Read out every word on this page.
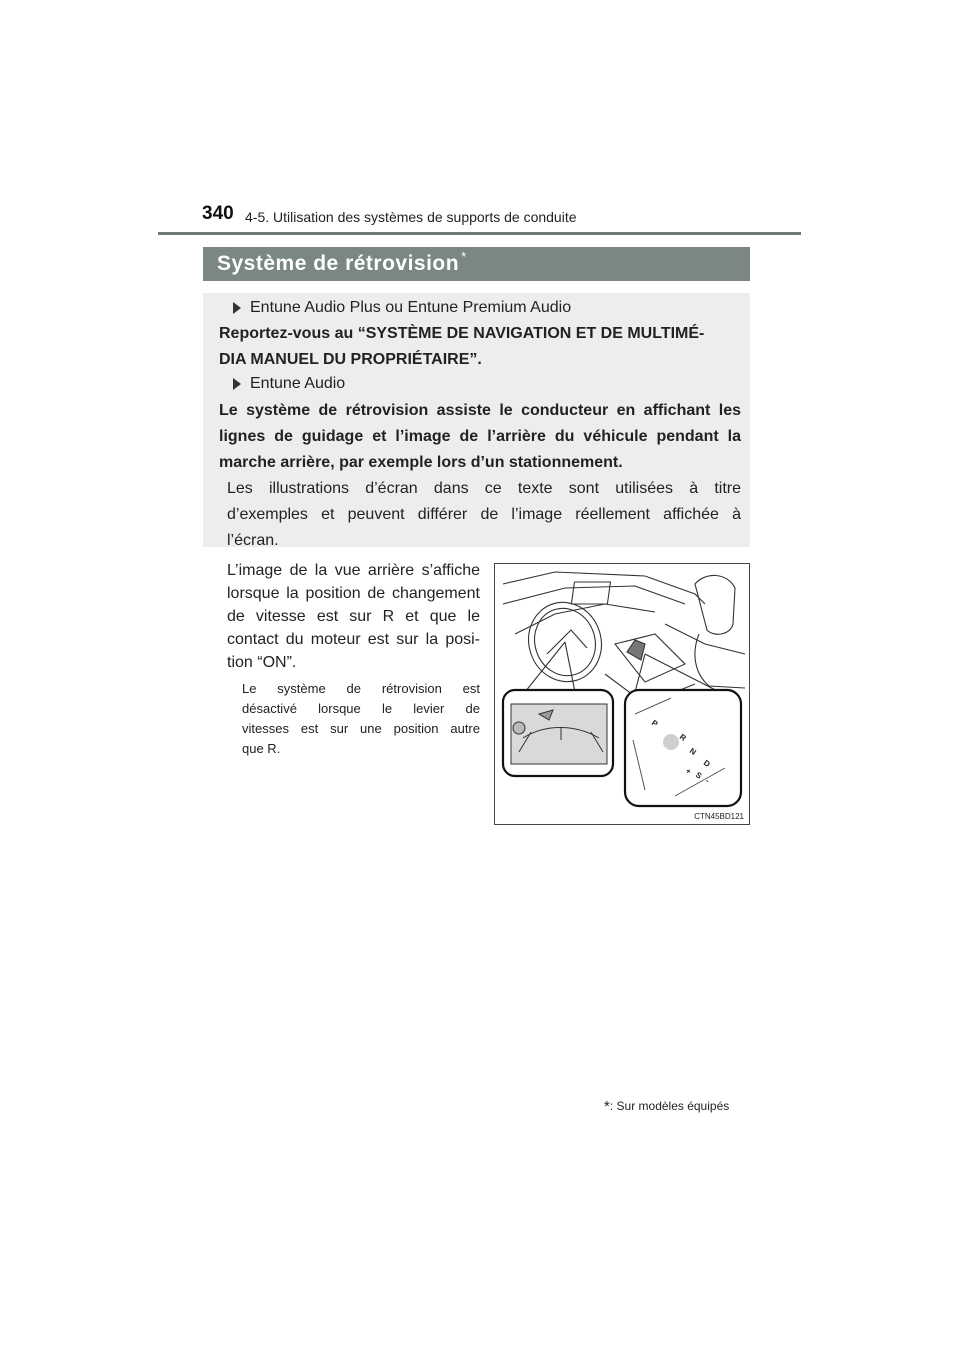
340 4-5. Utilisation des systèmes de supports de conduite
Système de rétrovision *
Entune Audio Plus ou Entune Premium Audio
Reportez-vous au “SYSTÈME DE NAVIGATION ET DE MULTIMÉ-
DIA MANUEL DU PROPRIÉTAIRE”.
Entune Audio
Le système de rétrovision assiste le conducteur en affichant les
lignes de guidage et l’image de l’arrière du véhicule pendant la
marche arrière, par exemple lors d’un stationnement.
Les illustrations d’écran dans ce texte sont utilisées à titre
d’exemples et peuvent différer de l’image réellement affichée à
l’écran.
L’image de la vue arrière s’affiche
lorsque la position de changement
de vitesse est sur R et que le
contact du moteur est sur la posi-
tion “ON”.
Le système de rétrovision est
désactivé lorsque le levier de
vitesses est sur une position autre
que R.
P
R
N
D
S
+
-
CTN45BD121
*: Sur modèles équipés
